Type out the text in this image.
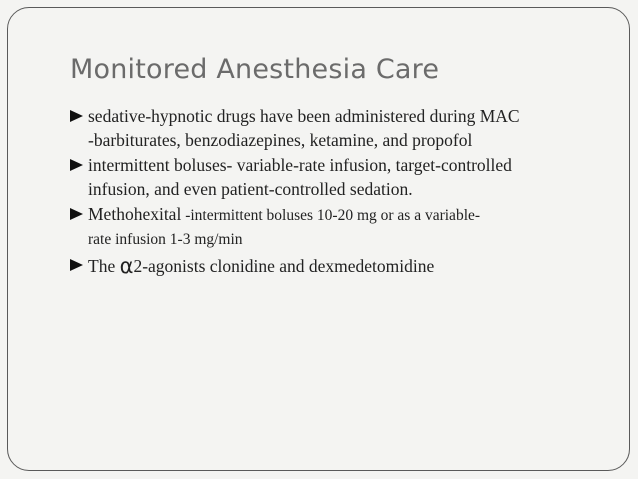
Monitored Anesthesia Care
sedative-hypnotic drugs have been administered during MAC
-barbiturates, benzodiazepines, ketamine, and propofol
intermittent boluses- variable-rate infusion, target-controlled
infusion, and even patient-controlled sedation.
Methohexital -intermittent boluses 10-20 mg or as a variable-
rate infusion 1-3 mg/min
The α2-agonists clonidine and dexmedetomidine
